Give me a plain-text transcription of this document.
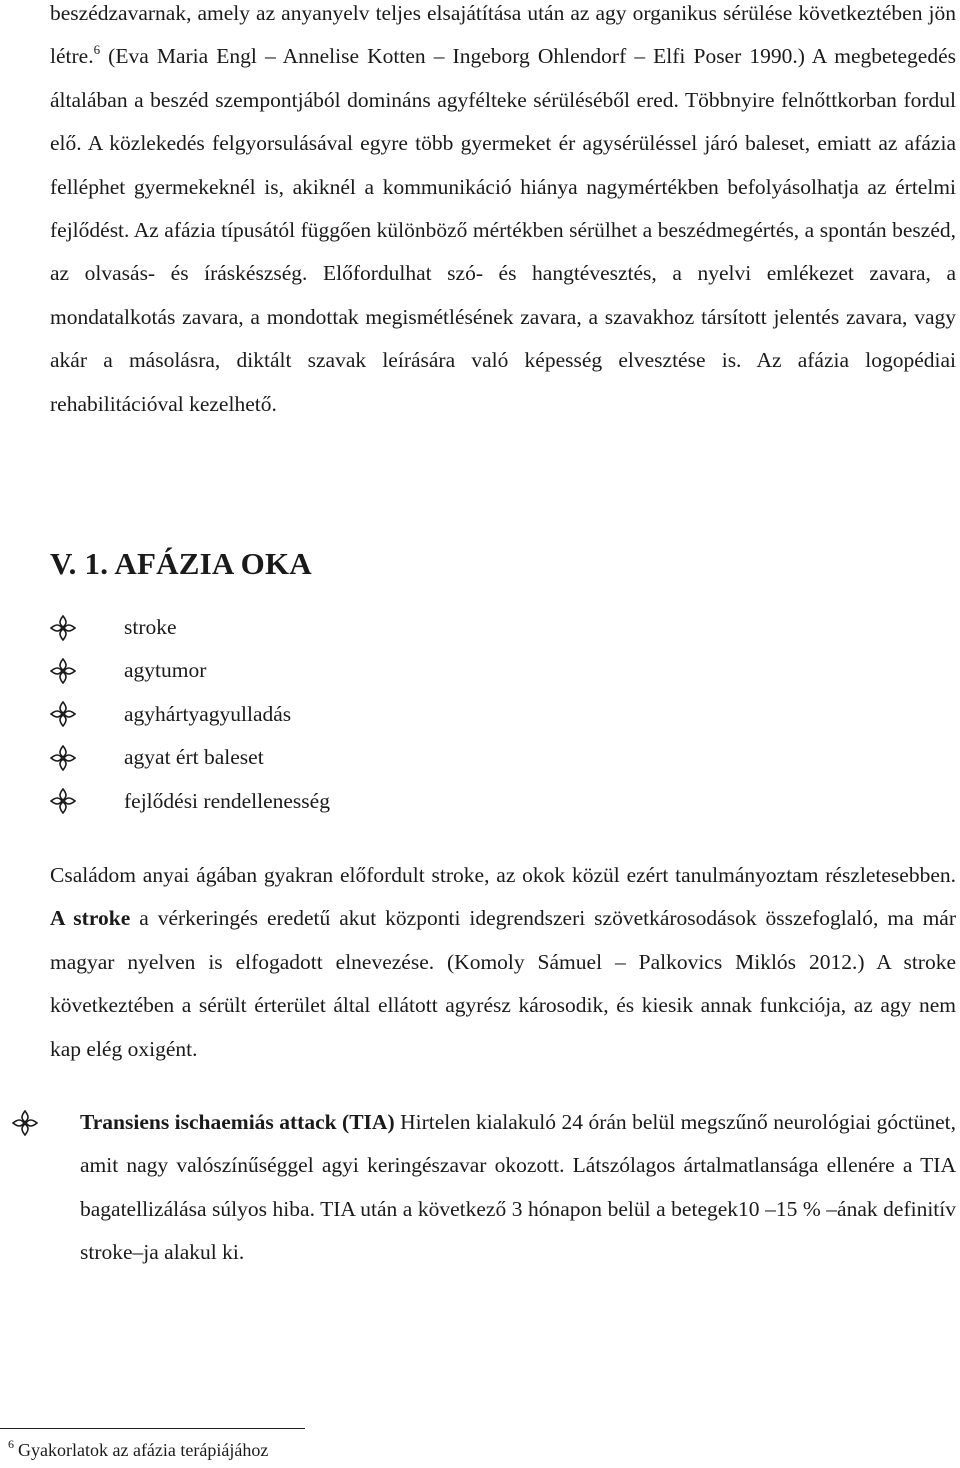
beszédzavarnak, amely az anyanyelv teljes elsajátítása után az agy organikus sérülése következtében jön létre.$^6$ (Eva Maria Engl – Annelise Kotten – Ingeborg Ohlendorf – Elfi Poser 1990.) A megbetegedés általában a beszéd szempontjából domináns agyfélteke sérüléséből ered. Többnyire felnőttkorban fordul elő. A közlekedés felgyorsulásával egyre több gyermeket ér agysérüléssel járó baleset, emiatt az afázia felléphet gyermekeknél is, akiknél a kommunikáció hiánya nagymértékben befolyásolhatja az értelmi fejlődést. Az afázia típusától függően különböző mértékben sérülhet a beszédmegértés, a spontán beszéd, az olvasás- és íráskészség. Előfordulhat szó- és hangtévesztés, a nyelvi emlékezet zavara, a mondatalkotás zavara, a mondottak megismétlésének zavara, a szavakhoz társított jelentés zavara, vagy akár a másolásra, diktált szavak leírására való képesség elvesztése is. Az afázia logopédiai rehabilitációval kezelhető.

V. 1. AFÁZIA OKA
stroke
agytumor
agyhártyagyulladás
agyat ért baleset
fejlődési rendellenesség

Családom anyai ágában gyakran előfordult stroke, az okok közül ezért tanulmányoztam részletesebben. A stroke a vérkeringés eredetű akut központi idegrendszeri szövetkárosodások összefoglaló, ma már magyar nyelven is elfogadott elnevezése. (Komoly Sámuel – Palkovics Miklós 2012.) A stroke következtében a sérült érterület által ellátott agyrész károsodik, és kiesik annak funkciója, az agy nem kap elég oxigént.

Transiens ischaemiás attack (TIA) Hirtelen kialakuló 24 órán belül megszűnő neurológiai góctünet, amit nagy valószínűséggel agyi keringészavar okozott. Látszólagos ártalmatlansága ellenére a TIA bagatellizálása súlyos hiba. TIA után a következő 3 hónapon belül a betegek10 –15 % –ának definitív stroke–ja alakul ki.

$^6$ Gyakorlatok az afázia terápiájához
